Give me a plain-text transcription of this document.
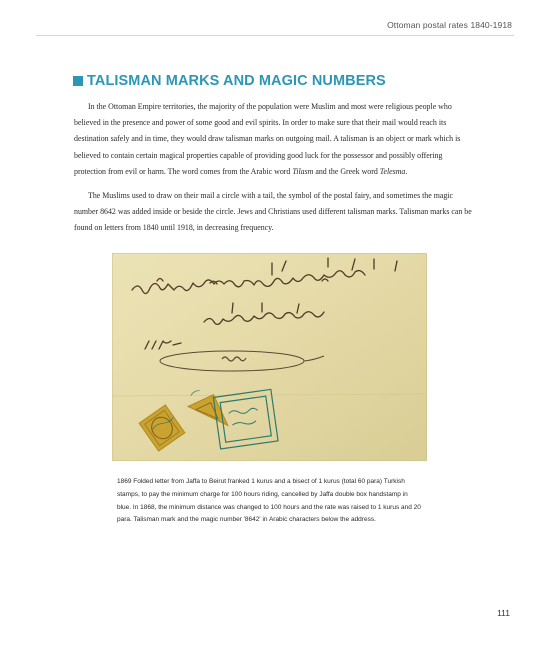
Ottoman postal rates 1840-1918
TALISMAN MARKS AND MAGIC NUMBERS

In the Ottoman Empire territories, the majority of the population were Muslim and most were religious people who believed in the presence and power of some good and evil spirits. In order to make sure that their mail would reach its destination safely and in time, they would draw talisman marks on outgoing mail. A talisman is an object or mark which is believed to contain certain magical properties capable of providing good luck for the possessor and possibly offering protection from evil or harm. The word comes from the Arabic word Tilasm and the Greek word Telesma.

The Muslims used to draw on their mail a circle with a tail, the symbol of the postal fairy, and sometimes the magic number 8642 was added inside or beside the circle. Jews and Christians used different talisman marks. Talisman marks can be found on letters from 1840 until 1918, in decreasing frequency.

1869 Folded letter from Jaffa to Beirut franked 1 kurus and a bisect of 1 kurus (total 60 para) Turkish stamps, to pay the minimum charge for 100 hours riding, cancelled by Jaffa double box handstamp in blue. In 1868, the minimum distance was changed to 100 hours and the rate was raised to 1 kurus and 20 para. Talisman mark and the magic number '8642' in Arabic characters below the address.

111
